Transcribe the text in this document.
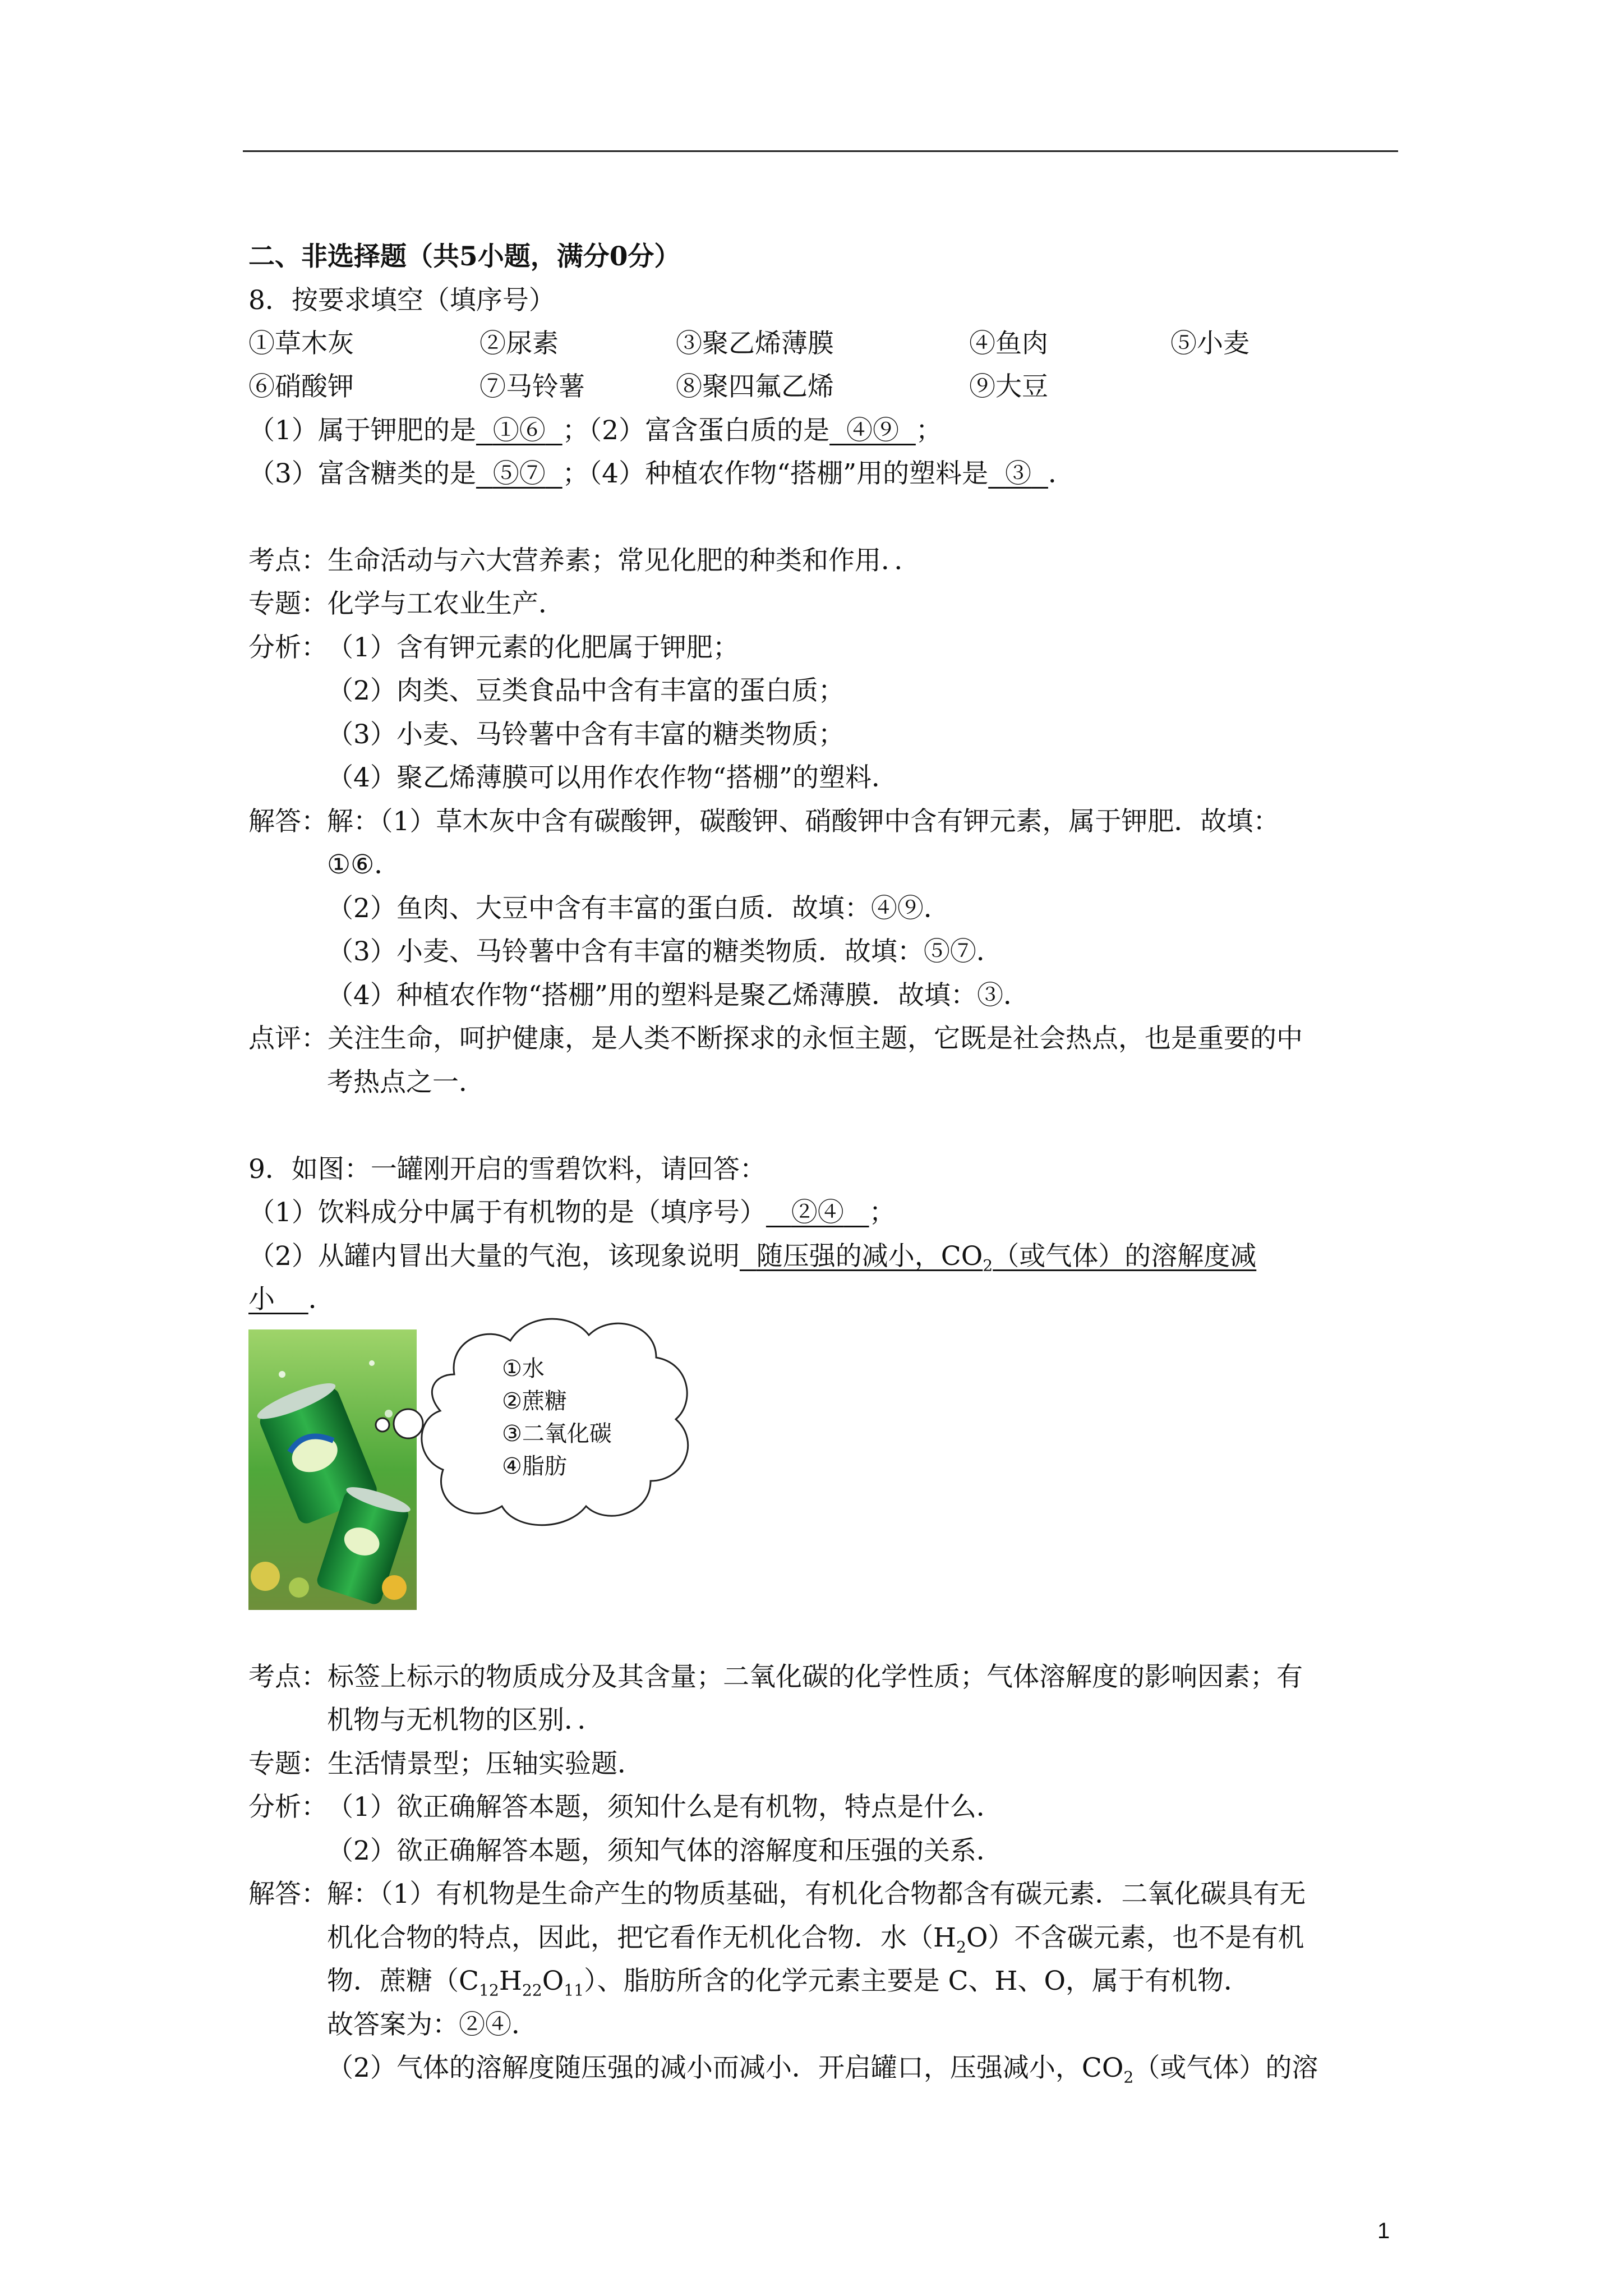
二、非选择题（共5小题，满分0分）
8．按要求填空（填序号）
①草木灰	②尿素	③聚乙烯薄膜	④鱼肉	⑤小麦
⑥硝酸钾	⑦马铃薯	⑧聚四氟乙烯	⑨大豆
（1）属于钾肥的是 ①⑥ ；（2）富含蛋白质的是 ④⑨ ；
（3）富含糖类的是 ⑤⑦ ；（4）种植农作物“搭棚”用的塑料是 ③ ．
考点：生命活动与六大营养素；常见化肥的种类和作用．．
专题：化学与工农业生产．
分析： （1）含有钾元素的化肥属于钾肥；
（2）肉类、豆类食品中含有丰富的蛋白质；
（3）小麦、马铃薯中含有丰富的糖类物质；
（4）聚乙烯薄膜可以用作农作物“搭棚”的塑料．
解答： 解：（1）草木灰中含有碳酸钾，碳酸钾、硝酸钾中含有钾元素，属于钾肥．故填：
①⑥．
（2）鱼肉、大豆中含有丰富的蛋白质．故填：④⑨．
（3）小麦、马铃薯中含有丰富的糖类物质．故填：⑤⑦．
（4）种植农作物“搭棚”用的塑料是聚乙烯薄膜．故填：③．
点评：关注生命，呵护健康，是人类不断探求的永恒主题，它既是社会热点，也是重要的中
考热点之一．
9．如图：一罐刚开启的雪碧饮料，请回答：
（1）饮料成分中属于有机物的是（填序号） ②④ ；
（2）从罐内冒出大量的气泡，该现象说明 随压强的减小，$CO_2$（或气体）的溶解度减
小 ．
①水
②蔗糖
③二氧化碳
④脂肪
考点：标签上标示的物质成分及其含量；二氧化碳的化学性质；气体溶解度的影响因素；有
机物与无机物的区别．．
专题：生活情景型；压轴实验题．
分析： （1）欲正确解答本题，须知什么是有机物，特点是什么．
（2）欲正确解答本题，须知气体的溶解度和压强的关系．
解答： 解：（1）有机物是生命产生的物质基础，有机化合物都含有碳元素．二氧化碳具有无
机化合物的特点，因此，把它看作无机化合物．水$(H_2O)$不含碳元素，也不是有机
物．蔗糖$(C_{12}H_{22}O_{11})$、脂肪所含的化学元素主要是 C、H、O，属于有机物．
故答案为：②④．
（2）气体的溶解度随压强的减小而减小．开启罐口，压强减小，$CO_2$（或气体）的溶
1
